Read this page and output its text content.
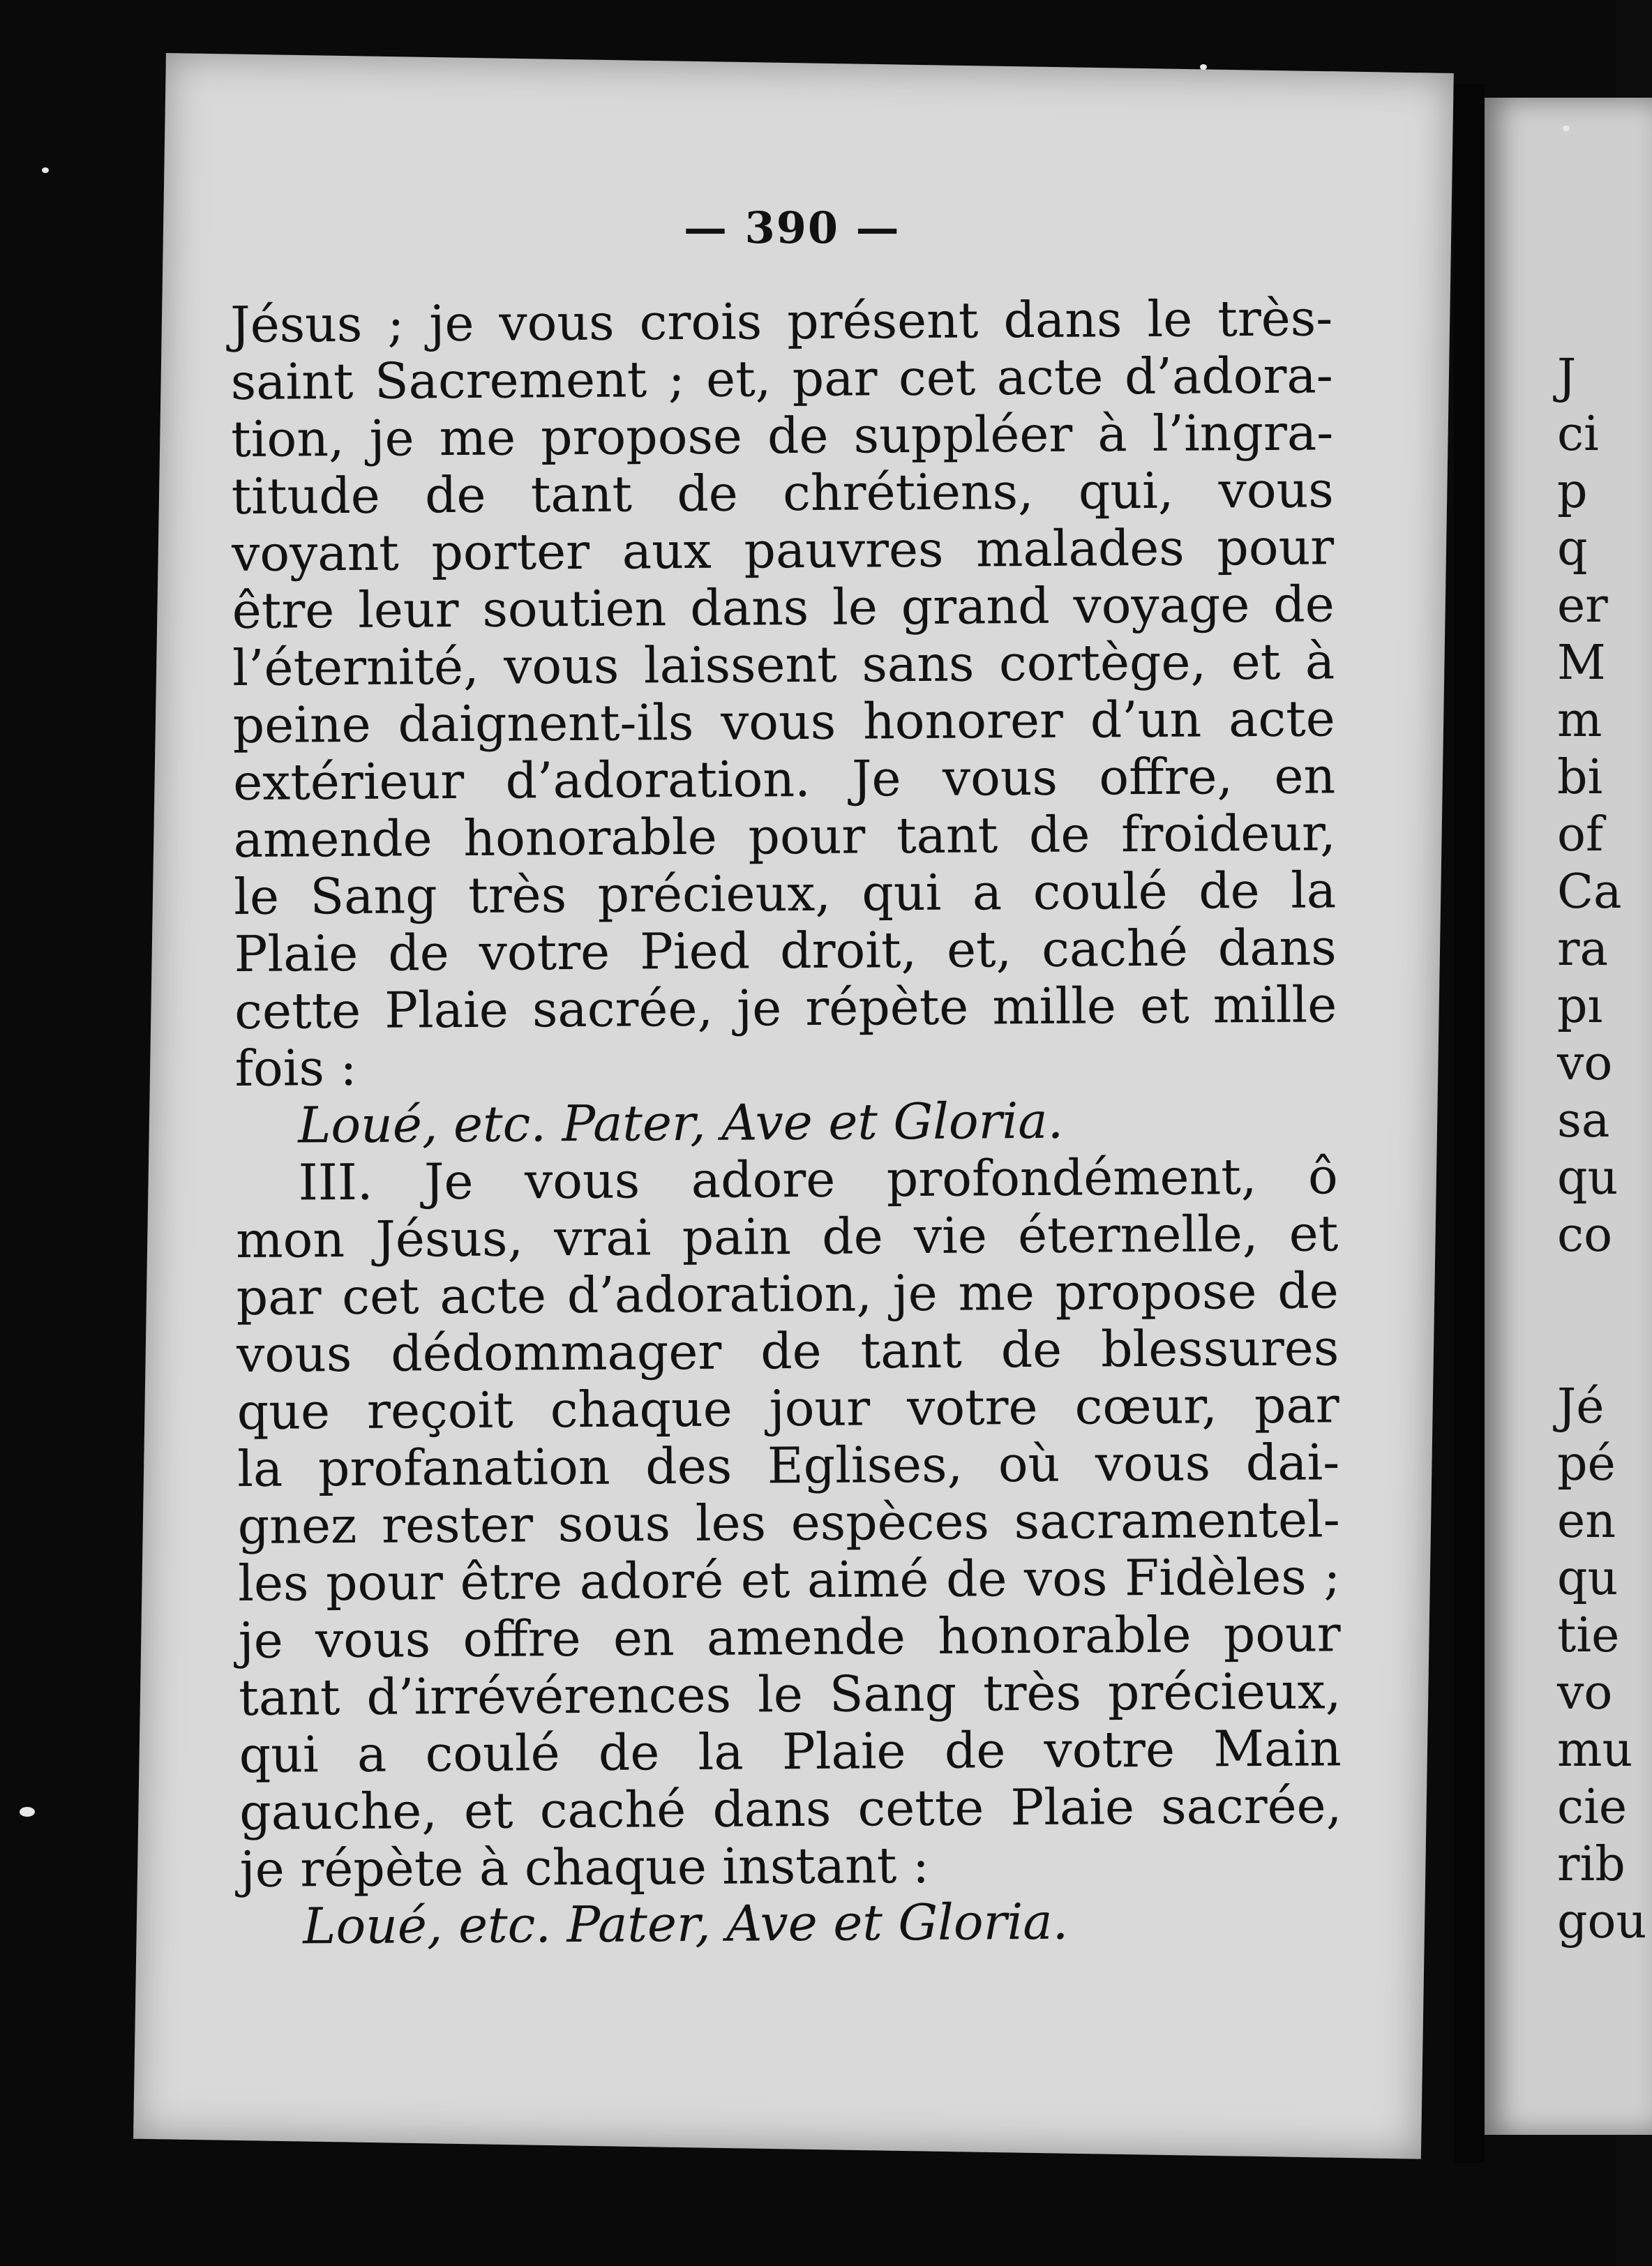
— 390 —
Jésus ; je vous crois présent dans le très-
saint Sacrement ; et, par cet acte d’adora-
tion, je me propose de suppléer à l’ingra-
titude de tant de chrétiens, qui, vous
voyant porter aux pauvres malades pour
être leur soutien dans le grand voyage de
l’éternité, vous laissent sans cortège, et à
peine daignent-ils vous honorer d’un acte
extérieur d’adoration. Je vous offre, en
amende honorable pour tant de froideur,
le Sang très précieux, qui a coulé de la
Plaie de votre Pied droit, et, caché dans
cette Plaie sacrée, je répète mille et mille
fois :
Loué, etc. Pater, Ave et Gloria.
III. Je vous adore profondément, ô
mon Jésus, vrai pain de vie éternelle, et
par cet acte d’adoration, je me propose de
vous dédommager de tant de blessures
que reçoit chaque jour votre cœur, par
la profanation des Eglises, où vous dai-
gnez rester sous les espèces sacramentel-
les pour être adoré et aimé de vos Fidèles ;
je vous offre en amende honorable pour
tant d’irrévérences le Sang très précieux,
qui a coulé de la Plaie de votre Main
gauche, et caché dans cette Plaie sacrée,
je répète à chaque instant :
Loué, etc. Pater, Ave et Gloria.
J
ci
p
q
er
M
m
bi
of
Ca
ra
pı
vo
sa
qu
co
Jé
pé
en
qu
tie
vo
mu
cie
rib
gou
